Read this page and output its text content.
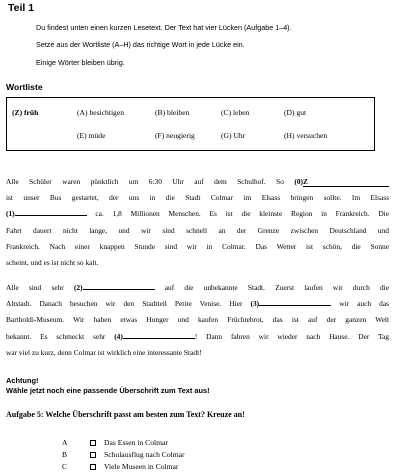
Teil 1
Du findest unten einen kurzen Lesetext. Der Text hat vier Lücken (Aufgabe 1–4).
Setze aus der Wortliste (A–H) das richtige Wort in jede Lücke ein.
Einige Wörter bleiben übrig.
Wortliste
(Z) früh	(A) besichtigen	(B) bleiben	(C) leben	(D) gut
(E) müde	(F) neugierig	(G) Uhr	(H) versuchen
Alle Schüler waren pünktlich um 6:30 Uhr auf dem Schulhof. So (0)Z
ist unser Bus gestartet, der uns in die Stadt Colmar im Elsass bringen sollte. Im Elsass
(1)	ca. 1,8 Millionen Menschen. Es ist die kleinste Region in Frankreich. Die
Fahrt dauert nicht lange, und wir sind schnell an der Grenze zwischen Deutschland und
Frankreich. Nach einer knappen Stunde sind wir in Colmar. Das Wetter ist schön, die Sonne
scheint, und es ist nicht so kalt.
Alle sind sehr (2)	auf die unbekannte Stadt. Zuerst laufen wir durch die
Altstadt. Danach besuchen wir den Stadtteil Petite Venise. Hier (3)	wir auch das
Bartholdi-Museum. Wir haben etwas Hunger und kaufen Früchtebrot, das ist auf der ganzen Welt
bekannt. Es schmeckt sehr (4)	! Dann fahren wir wieder nach Hause. Der Tag
war viel zu kurz, denn Colmar ist wirklich eine interessante Stadt!
Achtung!
Wähle jetzt noch eine passende Überschrift zum Text aus!
Aufgabe 5: Welche Überschrift passt am besten zum Text? Kreuze an!
A	Das Essen in Colmar
B	Schulausflug nach Colmar
C	Viele Museen in Colmar
